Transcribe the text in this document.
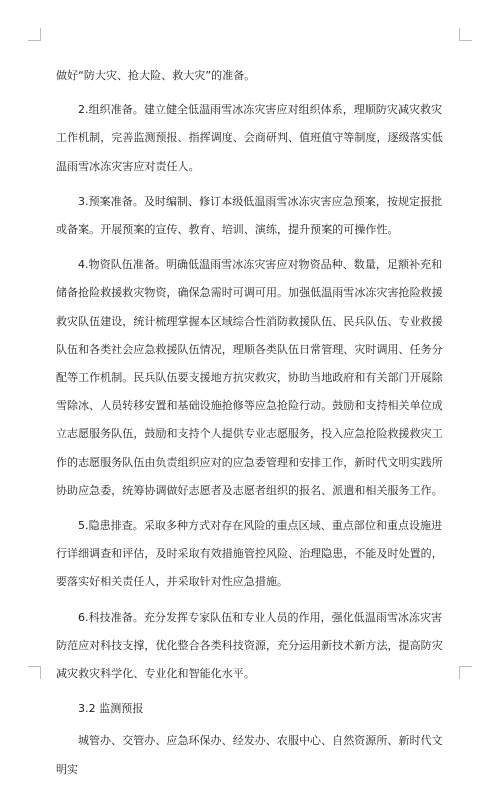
做好“防大灾、抢大险、救大灾”的准备。

2.组织准备。建立健全低温雨雪冰冻灾害应对组织体系，理顺防灾减灾救灾工作机制，完善监测预报、指挥调度、会商研判、值班值守等制度，逐级落实低温雨雪冰冻灾害应对责任人。

3.预案准备。及时编制、修订本级低温雨雪冰冻灾害应急预案，按规定报批或备案。开展预案的宣传、教育、培训、演练，提升预案的可操作性。

4.物资队伍准备。明确低温雨雪冰冻灾害应对物资品种、数量，足额补充和储备抢险救援救灾物资，确保急需时可调可用。加强低温雨雪冰冻灾害抢险救援救灾队伍建设，统计梳理掌握本区域综合性消防救援队伍、民兵队伍、专业救援队伍和各类社会应急救援队伍情况，理顺各类队伍日常管理、灾时调用、任务分配等工作机制。民兵队伍要支援地方抗灾救灾，协助当地政府和有关部门开展除雪除冰、人员转移安置和基础设施抢修等应急抢险行动。鼓励和支持相关单位成立志愿服务队伍，鼓励和支持个人提供专业志愿服务，投入应急抢险救援救灾工作的志愿服务队伍由负责组织应对的应急委管理和安排工作，新时代文明实践所协助应急委，统筹协调做好志愿者及志愿者组织的报名、派遣和相关服务工作。

5.隐患排查。采取多种方式对存在风险的重点区域、重点部位和重点设施进行详细调查和评估，及时采取有效措施管控风险、治理隐患，不能及时处置的，要落实好相关责任人，并采取针对性应急措施。

6.科技准备。充分发挥专家队伍和专业人员的作用，强化低温雨雪冰冻灾害防范应对科技支撑，优化整合各类科技资源，充分运用新技术新方法，提高防灾减灾救灾科学化、专业化和智能化水平。

3.2 监测预报

城管办、交管办、应急环保办、经发办、农服中心、自然资源所、新时代文明实
